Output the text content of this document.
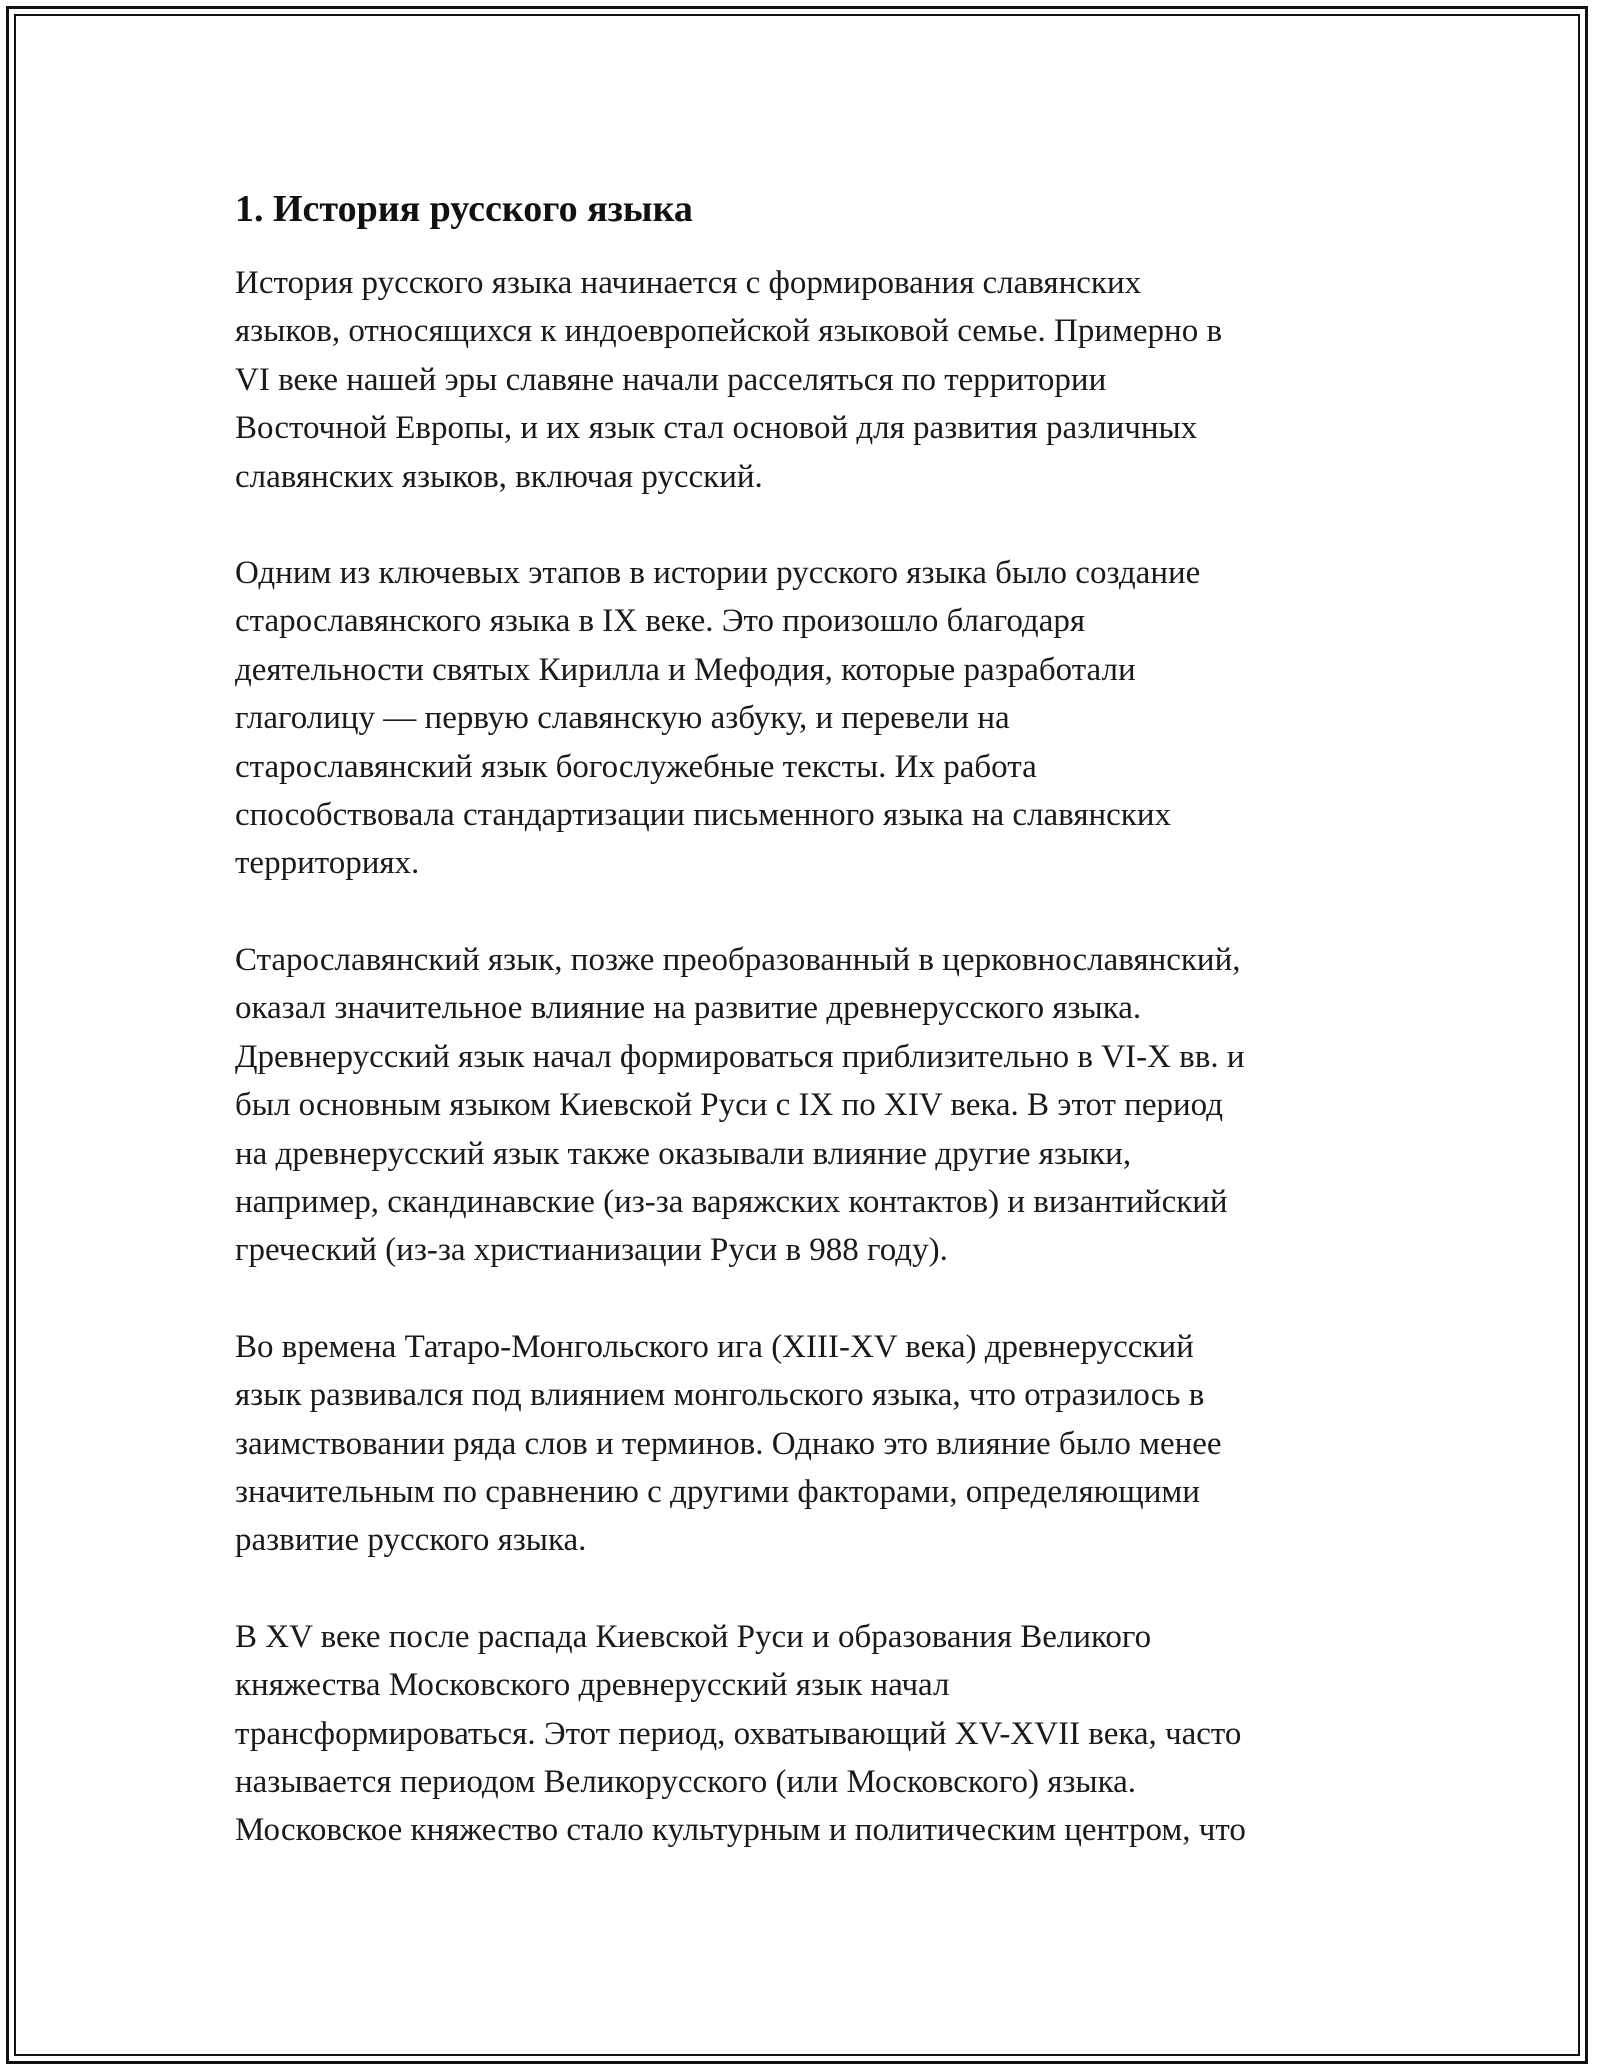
1. История русского языка

История русского языка начинается с формирования славянских
языков, относящихся к индоевропейской языковой семье. Примерно в
VI веке нашей эры славяне начали расселяться по территории
Восточной Европы, и их язык стал основой для развития различных
славянских языков, включая русский.

Одним из ключевых этапов в истории русского языка было создание
старославянского языка в IX веке. Это произошло благодаря
деятельности святых Кирилла и Мефодия, которые разработали
глаголицу — первую славянскую азбуку, и перевели на
старославянский язык богослужебные тексты. Их работа
способствовала стандартизации письменного языка на славянских
территориях.

Старославянский язык, позже преобразованный в церковнославянский,
оказал значительное влияние на развитие древнерусского языка.
Древнерусский язык начал формироваться приблизительно в VI-X вв. и
был основным языком Киевской Руси с IX по XIV века. В этот период
на древнерусский язык также оказывали влияние другие языки,
например, скандинавские (из-за варяжских контактов) и византийский
греческий (из-за христианизации Руси в 988 году).

Во времена Татаро-Монгольского ига (XIII-XV века) древнерусский
язык развивался под влиянием монгольского языка, что отразилось в
заимствовании ряда слов и терминов. Однако это влияние было менее
значительным по сравнению с другими факторами, определяющими
развитие русского языка.

В XV веке после распада Киевской Руси и образования Великого
княжества Московского древнерусский язык начал
трансформироваться. Этот период, охватывающий XV-XVII века, часто
называется периодом Великорусского (или Московского) языка.
Московское княжество стало культурным и политическим центром, что
